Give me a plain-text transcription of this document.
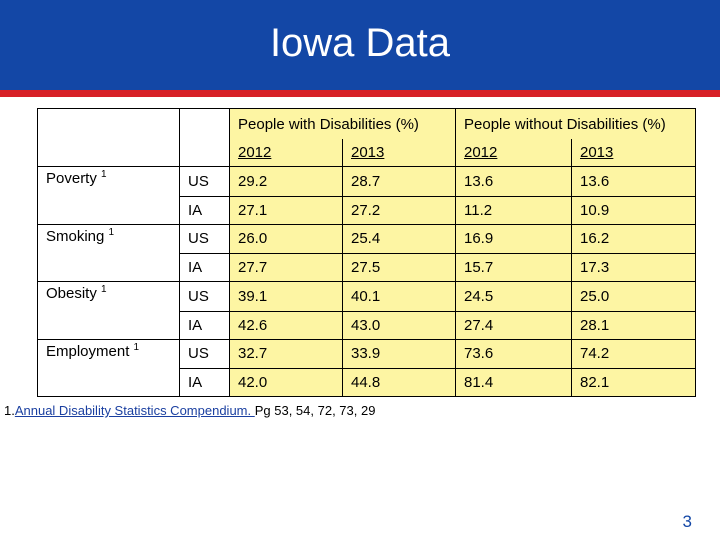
Iowa Data
		People with Disabilities (%)		People without Disabilities (%)	
		2012	2013	2012	2013
Poverty $^1$	US	29.2	28.7	13.6	13.6
	IA	27.1	27.2	11.2	10.9
Smoking $^1$	US	26.0	25.4	16.9	16.2
	IA	27.7	27.5	15.7	17.3
Obesity $^1$	US	39.1	40.1	24.5	25.0
	IA	42.6	43.0	27.4	28.1
Employment $^1$	US	32.7	33.9	73.6	74.2
	IA	42.0	44.8	81.4	82.1
1.Annual Disability Statistics Compendium. Pg 53, 54, 72, 73, 29
3
